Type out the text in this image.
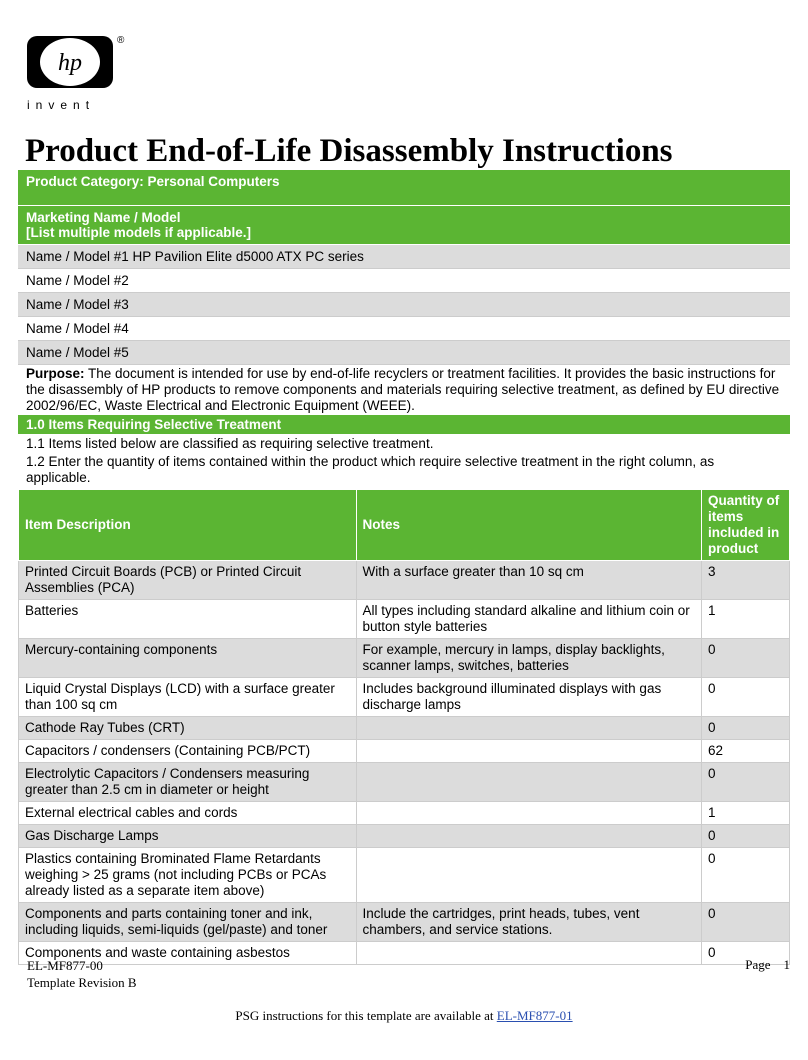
hp
®
invent
Product End-of-Life Disassembly Instructions
Product Category: Personal Computers
Marketing Name / Model
[List multiple models if applicable.]
Name / Model #1 HP Pavilion Elite d5000 ATX PC series
Name / Model #2
Name / Model #3
Name / Model #4
Name / Model #5
Purpose: The document is intended for use by end-of-life recyclers or treatment facilities. It provides the basic instructions for the disassembly of HP products to remove components and materials requiring selective treatment, as defined by EU directive 2002/96/EC, Waste Electrical and Electronic Equipment (WEEE).
1.0 Items Requiring Selective Treatment
1.1 Items listed below are classified as requiring selective treatment.
1.2 Enter the quantity of items contained within the product which require selective treatment in the right column, as applicable.
Item Description	Notes	Quantity of items included in product
Printed Circuit Boards (PCB) or Printed Circuit Assemblies (PCA)	With a surface greater than 10 sq cm	3
Batteries	All types including standard alkaline and lithium coin or button style batteries	1
Mercury-containing components	For example, mercury in lamps, display backlights, scanner lamps, switches, batteries	0
Liquid Crystal Displays (LCD) with a surface greater than 100 sq cm	Includes background illuminated displays with gas discharge lamps	0
Cathode Ray Tubes (CRT)		0
Capacitors / condensers (Containing PCB/PCT)		62
Electrolytic Capacitors / Condensers measuring greater than 2.5 cm in diameter or height		0
External electrical cables and cords		1
Gas Discharge Lamps		0
Plastics containing Brominated Flame Retardants weighing > 25 grams (not including PCBs or PCAs already listed as a separate item above)		0
Components and parts containing toner and ink, including liquids, semi-liquids (gel/paste) and toner	Include the cartridges, print heads, tubes, vent chambers, and service stations.	0
Components and waste containing asbestos		0
EL-MF877-00
Template Revision B
Page 1
PSG instructions for this template are available at EL-MF877-01
